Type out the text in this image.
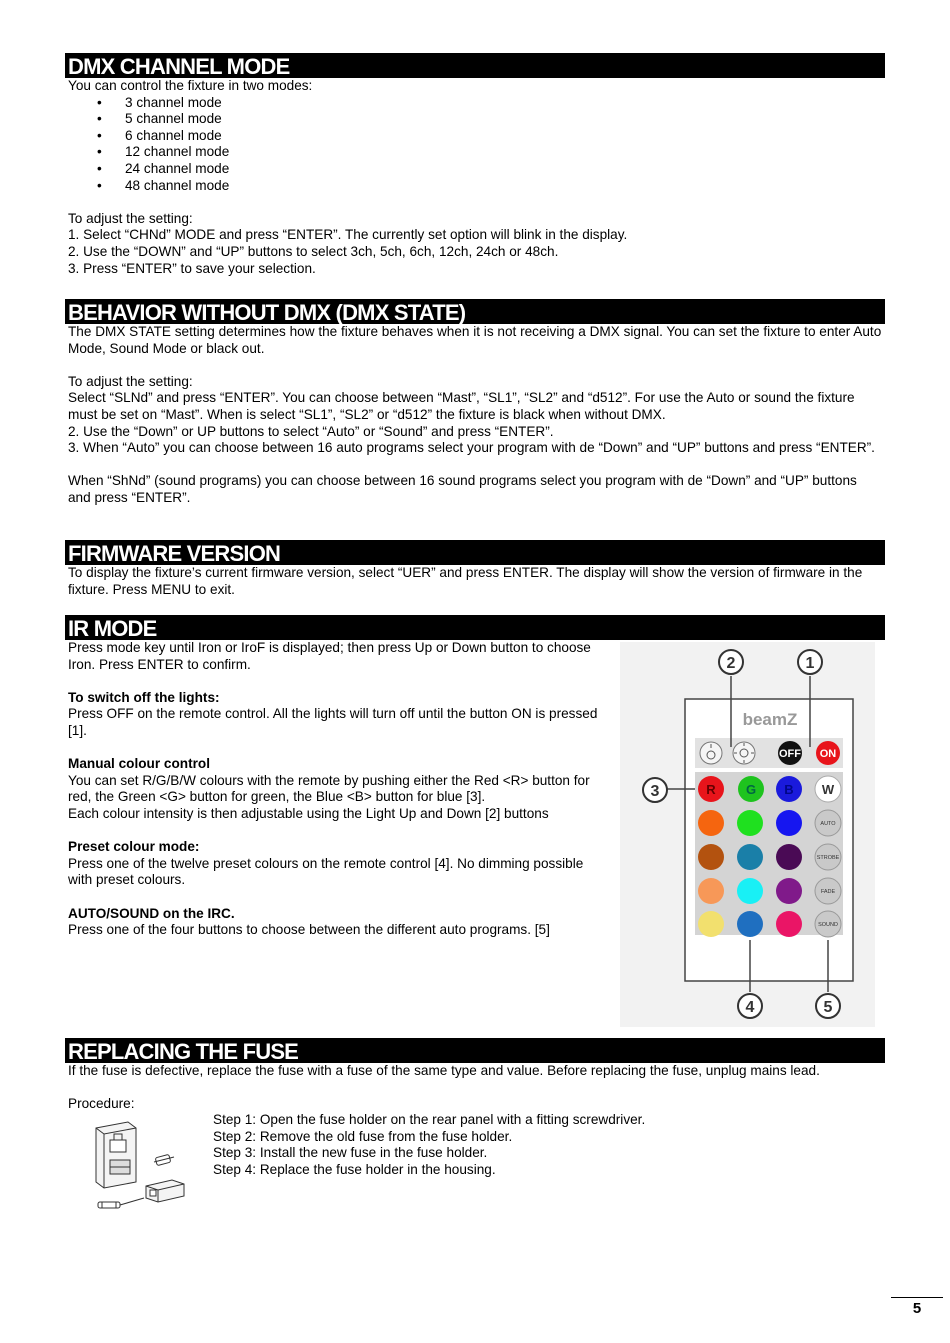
DMX CHANNEL MODE

You can control the fixture in two modes:

• 3 channel mode
• 5 channel mode
• 6 channel mode
• 12 channel mode
• 24 channel mode
• 48 channel mode

To adjust the setting:

1. Select “CHNd” MODE and press “ENTER”. The currently set option will blink in the display.

2. Use the “DOWN” and “UP” buttons to select 3ch, 5ch, 6ch, 12ch, 24ch or 48ch.

3. Press “ENTER” to save your selection.

BEHAVIOR WITHOUT DMX (DMX STATE)

The DMX STATE setting determines how the fixture behaves when it is not receiving a DMX signal. You can set the fixture to enter Auto Mode, Sound Mode or black out.

To adjust the setting:

Select “SLNd” and press “ENTER”. You can choose between “Mast”, “SL1”, “SL2” and “d512”. For use the Auto or sound the fixture must be set on “Mast”. When is select “SL1”, “SL2” or “d512” the fixture is black when without DMX.

2. Use the “Down” or UP buttons to select “Auto” or “Sound” and press “ENTER”.

3. When “Auto” you can choose between 16 auto programs select your program with de “Down” and “UP” buttons and press “ENTER”.

When “ShNd” (sound programs) you can choose between 16 sound programs select you program with de “Down” and “UP” buttons and press “ENTER”.

FIRMWARE VERSION

To display the fixture’s current firmware version, select “UER” and press ENTER. The display will show the version of firmware in the fixture. Press MENU to exit.

IR MODE

Press mode key until Iron or IroF is displayed; then press Up or Down button to choose Iron. Press ENTER to confirm.

To switch off the lights:

Press OFF on the remote control. All the lights will turn off until the button ON is pressed [1].

Manual colour control

You can set R/G/B/W colours with the remote by pushing either the Red <R> button for red, the Green <G> button for green, the Blue <B> button for blue [3].

Each colour intensity is then adjustable using the Light Up and Down [2] buttons

Preset colour mode:

Press one of the twelve preset colours on the remote control [4]. No dimming possible with preset colours.

AUTO/SOUND on the IRC.

Press one of the four buttons to choose between the different auto programs. [5]

beamZ
OFF ON
R G B W
AUTO
STROBE
FADE
SOUND
2	1
3
4	5
REPLACING THE FUSE

If the fuse is defective, replace the fuse with a fuse of the same type and value. Before replacing the fuse, unplug mains lead.

Procedure:

Step 1: Open the fuse holder on the rear panel with a fitting screwdriver.

Step 2: Remove the old fuse from the fuse holder.

Step 3: Install the new fuse in the fuse holder.

Step 4: Replace the fuse holder in the housing.

5
